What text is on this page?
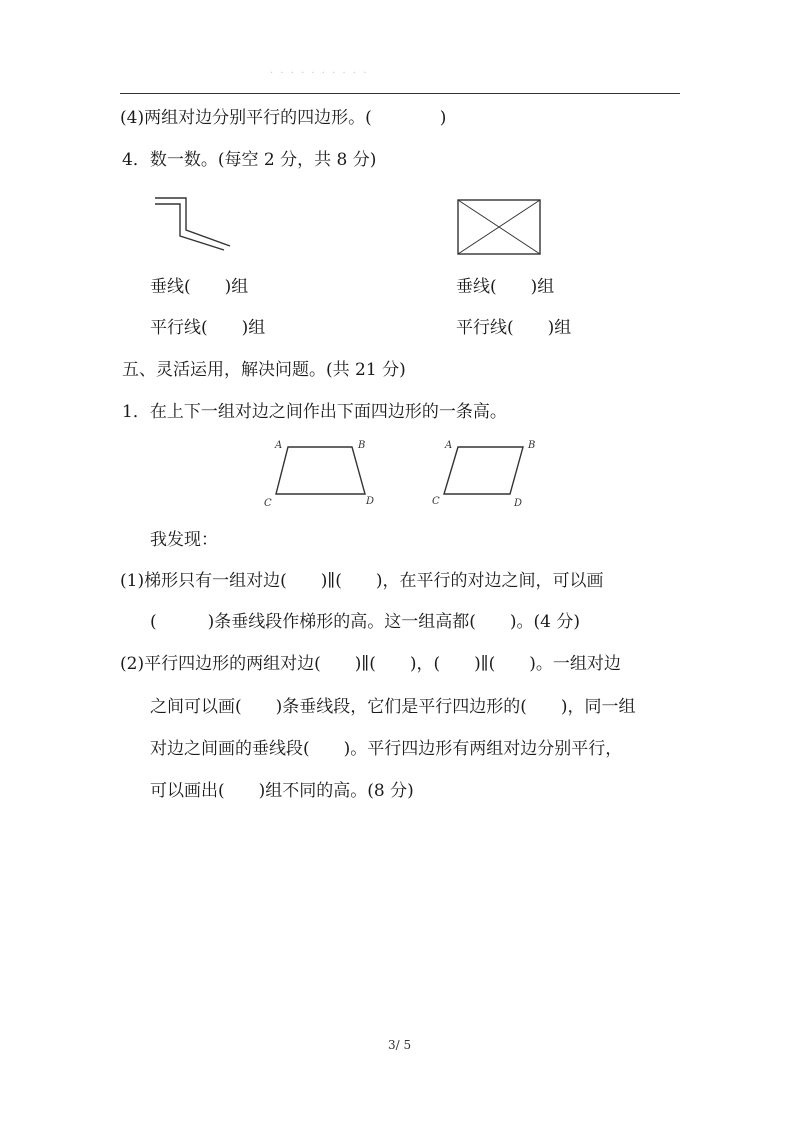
· · · · · · · · · ·
(4)两组对边分别平行的四边形。(　　　　)
4．数一数。(每空 2 分，共 8 分)
垂线(　　)组	垂线(　　)组
平行线(　　)组	平行线(　　)组
五、灵活运用，解决问题。(共 21 分)
1．在上下一组对边之间作出下面四边形的一条高。
A	B
C	D
A	B
C	D
我发现：
(1)梯形只有一组对边(　　)∥(　　)，在平行的对边之间，可以画
(　　　)条垂线段作梯形的高。这一组高都(　　)。(4 分)
(2)平行四边形的两组对边(　　)∥(　　)，(　　)∥(　　)。一组对边
之间可以画(　　)条垂线段，它们是平行四边形的(　　)，同一组
对边之间画的垂线段(　　)。平行四边形有两组对边分别平行，
可以画出(　　)组不同的高。(8 分)
3/ 5
